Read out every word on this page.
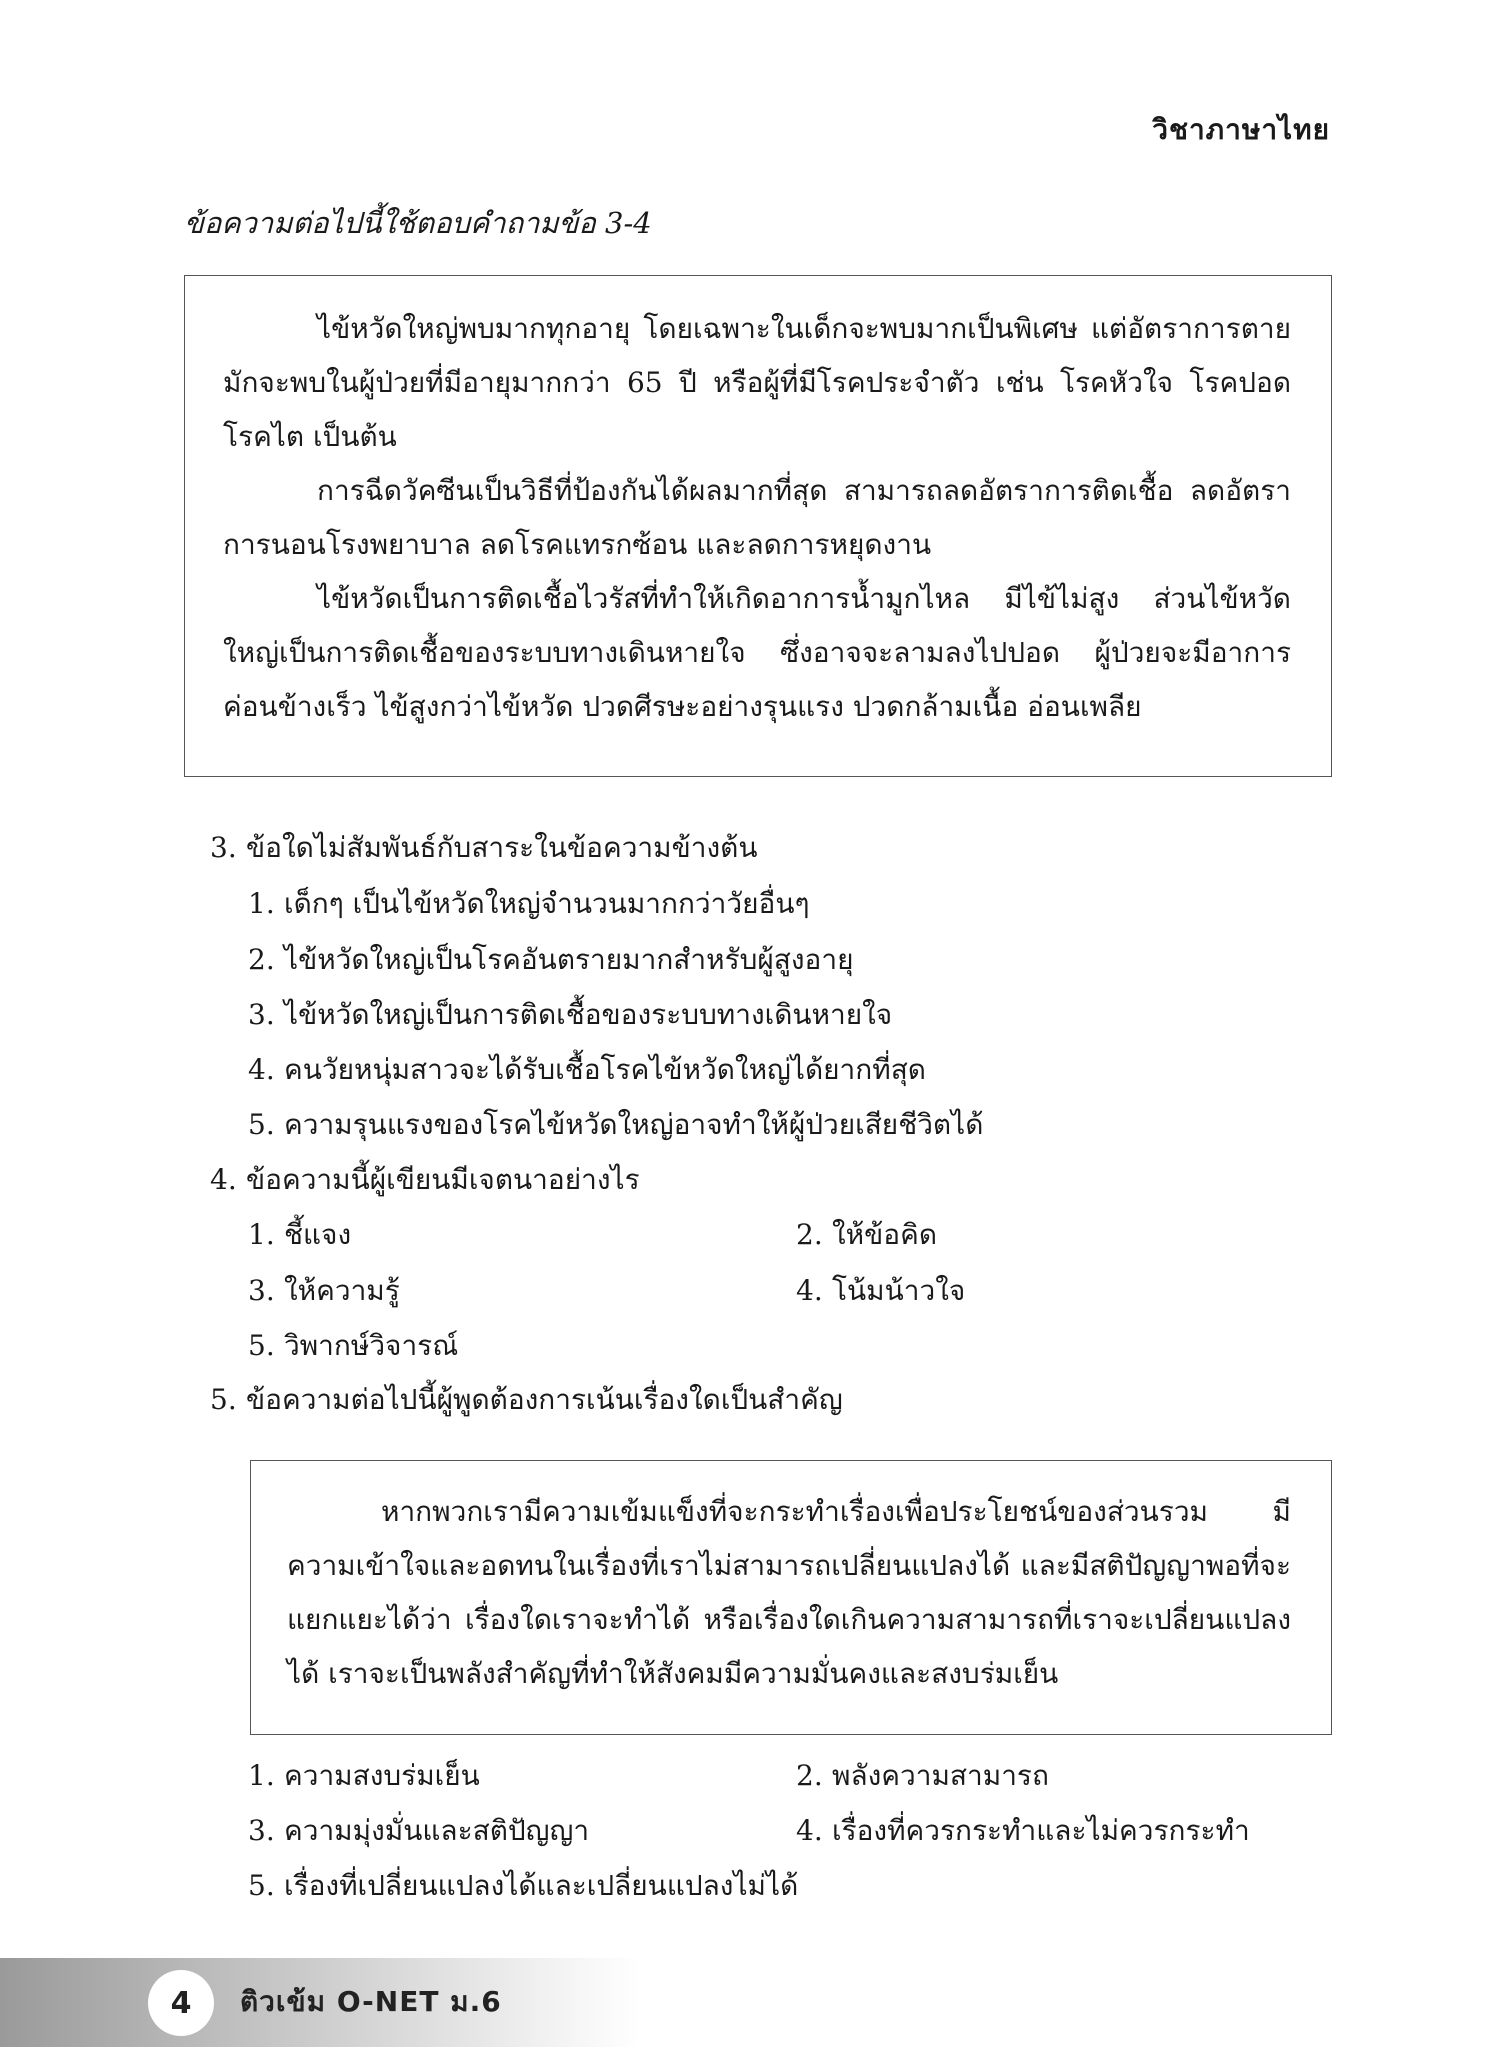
วิชาภาษาไทย
ข้อความต่อไปนี้ใช้ตอบคำถามข้อ 3-4

ไข้หวัดใหญ่พบมากทุกอายุ โดยเฉพาะในเด็กจะพบมากเป็นพิเศษ แต่อัตราการตายมักจะพบในผู้ป่วยที่มีอายุมากกว่า 65 ปี หรือผู้ที่มีโรคประจำตัว เช่น โรคหัวใจ โรคปอดโรคไต เป็นต้น

การฉีดวัคซีนเป็นวิธีที่ป้องกันได้ผลมากที่สุด สามารถลดอัตราการติดเชื้อ ลดอัตราการนอนโรงพยาบาล ลดโรคแทรกซ้อน และลดการหยุดงาน

ไข้หวัดเป็นการติดเชื้อไวรัสที่ทำให้เกิดอาการน้ำมูกไหล มีไข้ไม่สูง ส่วนไข้หวัดใหญ่เป็นการติดเชื้อของระบบทางเดินหายใจ ซึ่งอาจจะลามลงไปปอด ผู้ป่วยจะมีอาการค่อนข้างเร็ว ไข้สูงกว่าไข้หวัด ปวดศีรษะอย่างรุนแรง ปวดกล้ามเนื้อ อ่อนเพลีย

3. ข้อใดไม่สัมพันธ์กับสาระในข้อความข้างต้น
1. เด็กๆ เป็นไข้หวัดใหญ่จำนวนมากกว่าวัยอื่นๆ
2. ไข้หวัดใหญ่เป็นโรคอันตรายมากสำหรับผู้สูงอายุ
3. ไข้หวัดใหญ่เป็นการติดเชื้อของระบบทางเดินหายใจ
4. คนวัยหนุ่มสาวจะได้รับเชื้อโรคไข้หวัดใหญ่ได้ยากที่สุด
5. ความรุนแรงของโรคไข้หวัดใหญ่อาจทำให้ผู้ป่วยเสียชีวิตได้
4. ข้อความนี้ผู้เขียนมีเจตนาอย่างไร
1. ชี้แจง	2. ให้ข้อคิด
3. ให้ความรู้	4. โน้มน้าวใจ
5. วิพากษ์วิจารณ์
5. ข้อความต่อไปนี้ผู้พูดต้องการเน้นเรื่องใดเป็นสำคัญ

หากพวกเรามีความเข้มแข็งที่จะกระทำเรื่องเพื่อประโยชน์ของส่วนรวม มีความเข้าใจและอดทนในเรื่องที่เราไม่สามารถเปลี่ยนแปลงได้ และมีสติปัญญาพอที่จะแยกแยะได้ว่า เรื่องใดเราจะทำได้ หรือเรื่องใดเกินความสามารถที่เราจะเปลี่ยนแปลงได้ เราจะเป็นพลังสำคัญที่ทำให้สังคมมีความมั่นคงและสงบร่มเย็น

1. ความสงบร่มเย็น	2. พลังความสามารถ
3. ความมุ่งมั่นและสติปัญญา	4. เรื่องที่ควรกระทำและไม่ควรกระทำ
5. เรื่องที่เปลี่ยนแปลงได้และเปลี่ยนแปลงไม่ได้
4	ติวเข้ม O-NET ม.6
